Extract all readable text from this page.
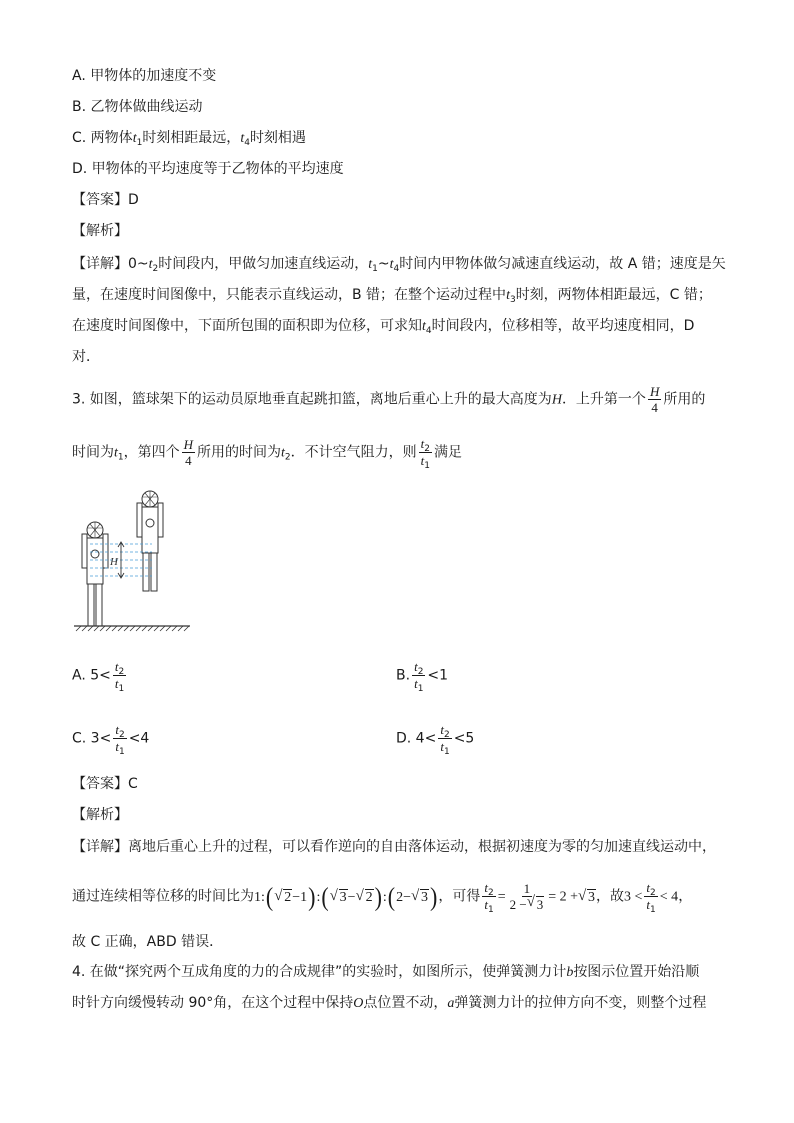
A. 甲物体的加速度不变
B. 乙物体做曲线运动
C. 两物体$t_1$时刻相距最远，$t_4$时刻相遇
D. 甲物体的平均速度等于乙物体的平均速度
【答案】D
【解析】
【详解】$0\sim t_2$时间段内，甲做匀加速直线运动，$t_1\sim t_4$时间内甲物体做匀减速直线运动，故 A 错；速度是矢
量，在速度时间图像中，只能表示直线运动，B 错；在整个运动过程中$t_3$时刻，两物体相距最远，C 错；
在速度时间图像中，下面所包围的面积即为位移，可求知$t_4$时间段内，位移相等，故平均速度相同，D
对．
3. 如图，篮球架下的运动员原地垂直起跳扣篮，离地后重心上升的最大高度为H．上升第一个 $\frac{H}{4}$ 所用的
时间为$t_1$，第四个 $\frac{H}{4}$ 所用的时间为$t_2$．不计空气阻力，则 $\frac{t_2}{t_1}$ 满足
H
A. $5< \frac{t_2}{t_1}$	B. $\frac{t_2}{t_1} <1$
C. $3< \frac{t_2}{t_1} <4$	D. $4< \frac{t_2}{t_1} <5$
【答案】C
【解析】
【详解】离地后重心上升的过程，可以看作逆向的自由落体运动，根据初速度为零的匀加速直线运动中，
通过连续相等位移的时间比为1:( √ 2−1):( √ 3− √ 2):(2− √ 3)，可得 $\frac{t_2}{t_1} = \frac{1}{2 - √ 3} = 2$ + √ 3，故$3 < \frac{t_2}{t_1} < 4$，
故 C 正确，ABD 错误．
4. 在做“探究两个互成角度的力的合成规律”的实验时，如图所示，使弹簧测力计b按图示位置开始沿顺
时针方向缓慢转动 90°角，在这个过程中保持O点位置不动，a弹簧测力计的拉伸方向不变，则整个过程
